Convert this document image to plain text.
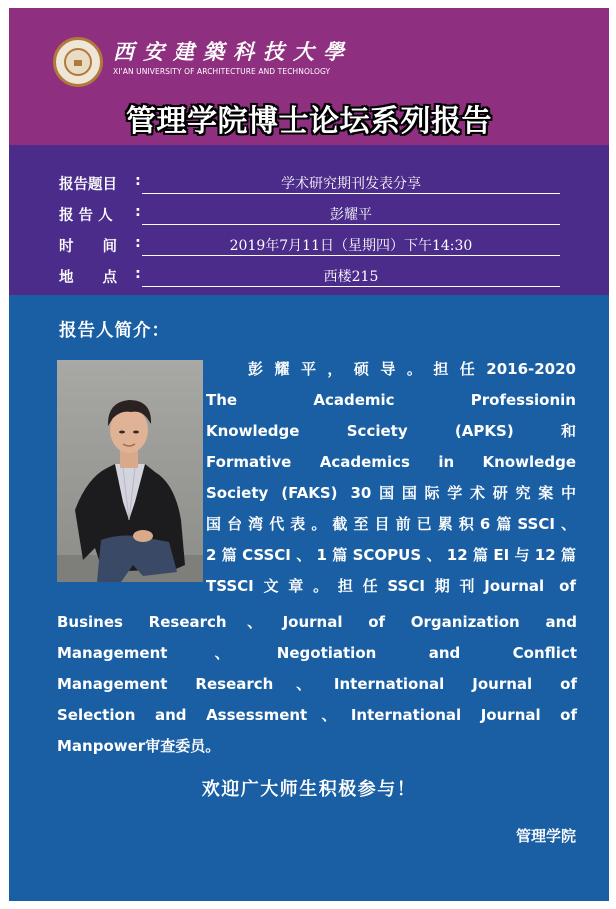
西安建築科技大學
XI'AN UNIVERSITY OF ARCHITECTURE AND TECHNOLOGY
管理学院博士论坛系列报告
报告题目 :	学术研究期刊发表分享
报 告 人 :	彭耀平
时　　间 :	2019年7月11日（星期四）下午14:30
地　　点 :	西楼215
报告人简介：
彭耀平，硕导。担任2016-2020
The Academic Professionin
Knowledge Scciety (APKS) 和
Formative Academics in Knowledge
Society (FAKS) 30国国际学术研究案中
国台湾代表。截至目前已累积6篇SSCI、
2篇CSSCI、1篇SCOPUS、12篇EI与12篇
TSSCI文章。担任SSCI期刊Journal of
Busines Research、Journal of Organization and
Management、Negotiation and Conflict
Management Research、International Journal of
Selection and Assessment、International Journal of
Manpower审查委员。
欢迎广大师生积极参与！
管理学院
